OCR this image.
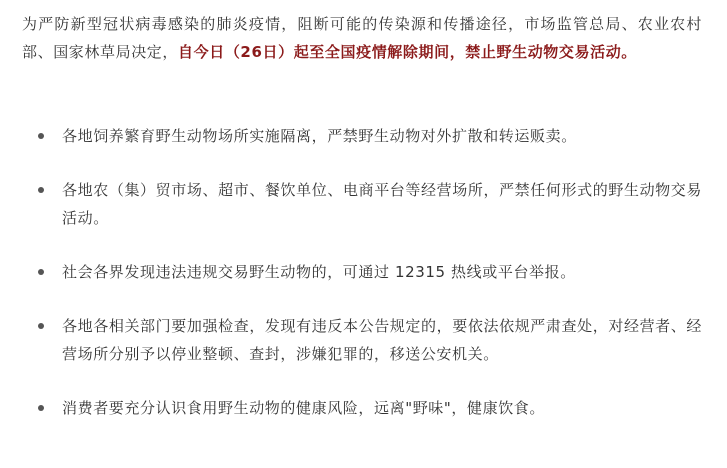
为严防新型冠状病毒感染的肺炎疫情，阻断可能的传染源和传播途径，市场监管总局、农业农村部、国家林草局决定，自今日（26日）起至全国疫情解除期间，禁止野生动物交易活动。

各地饲养繁育野生动物场所实施隔离，严禁野生动物对外扩散和转运贩卖。
各地农（集）贸市场、超市、餐饮单位、电商平台等经营场所，严禁任何形式的野生动物交易活动。
社会各界发现违法违规交易野生动物的，可通过 12315 热线或平台举报。
各地各相关部门要加强检查，发现有违反本公告规定的，要依法依规严肃查处，对经营者、经营场所分别予以停业整顿、查封，涉嫌犯罪的，移送公安机关。
消费者要充分认识食用野生动物的健康风险，远离"野味"，健康饮食。
